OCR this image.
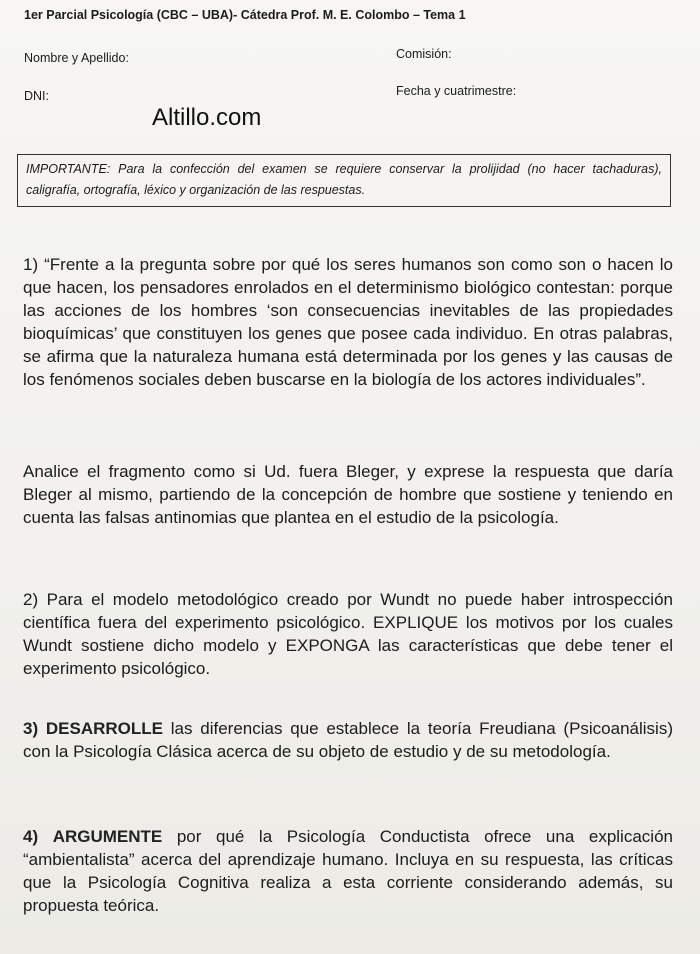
1er Parcial Psicología (CBC – UBA)- Cátedra Prof. M. E. Colombo – Tema 1
Nombre y Apellido:
DNI:
Comisión:
Fecha y cuatrimestre:
Altillo.com
IMPORTANTE: Para la confección del examen se requiere conservar la prolijidad (no hacer tachaduras), caligrafía, ortografía, léxico y organización de las respuestas.
1) “Frente a la pregunta sobre por qué los seres humanos son como son o hacen lo que hacen, los pensadores enrolados en el determinismo biológico contestan: porque las acciones de los hombres ‘son consecuencias inevitables de las propiedades bioquímicas’ que constituyen los genes que posee cada individuo. En otras palabras, se afirma que la naturaleza humana está determinada por los genes y las causas de los fenómenos sociales deben buscarse en la biología de los actores individuales”.
Analice el fragmento como si Ud. fuera Bleger, y exprese la respuesta que daría Bleger al mismo, partiendo de la concepción de hombre que sostiene y teniendo en cuenta las falsas antinomias que plantea en el estudio de la psicología.
2) Para el modelo metodológico creado por Wundt no puede haber introspección científica fuera del experimento psicológico. EXPLIQUE los motivos por los cuales Wundt sostiene dicho modelo y EXPONGA las características que debe tener el experimento psicológico.
3) DESARROLLE las diferencias que establece la teoría Freudiana (Psicoanálisis) con la Psicología Clásica acerca de su objeto de estudio y de su metodología.
4) ARGUMENTE por qué la Psicología Conductista ofrece una explicación “ambientalista” acerca del aprendizaje humano. Incluya en su respuesta, las críticas que la Psicología Cognitiva realiza a esta corriente considerando además, su propuesta teórica.
